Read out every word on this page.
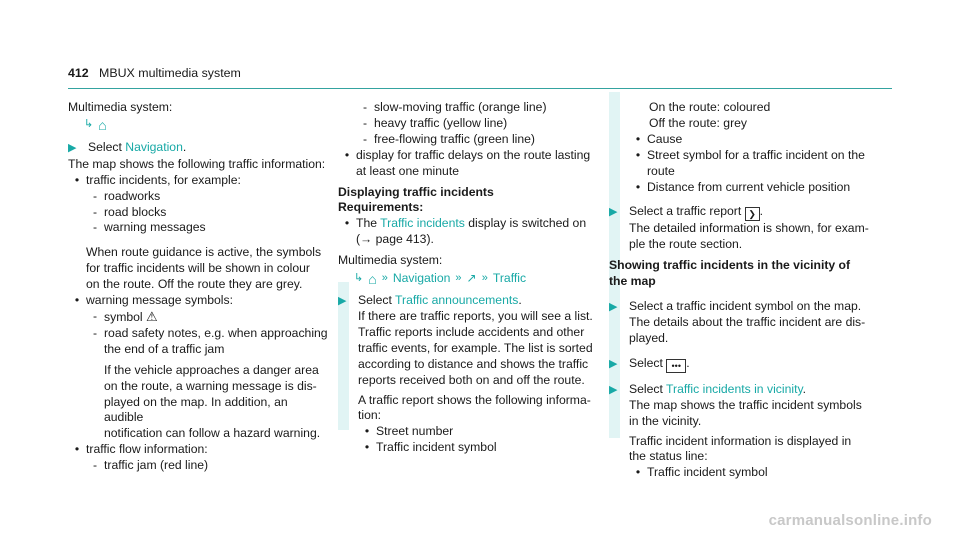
412 MBUX multimedia system

Multimedia system:

↳ ⌂
▶ Select Navigation.

The map shows the following traffic information:

• traffic incidents, for example:
- roadworks
- road blocks
- warning messages

When route guidance is active, the symbols

for traffic incidents will be shown in colour

on the route. Off the route they are grey.

• warning message symbols:
- symbol ⚠
- road safety notes, e.g. when approaching
the end of a traffic jam

If the vehicle approaches a danger area

on the route, a warning message is dis-

played on the map. In addition, an audible

notification can follow a hazard warning.

• traffic flow information:
- traffic jam (red line)
- slow-moving traffic (orange line)
- heavy traffic (yellow line)
- free-flowing traffic (green line)
• display for traffic delays on the route lasting
at least one minute

Displaying traffic incidents

Requirements:

• The Traffic incidents display is switched on
(→ page 413).

Multimedia system:

↳ ⌂ » Navigation » ↗ » Traffic
▶ Select Traffic announcements.
If there are traffic reports, you will see a list.
Traffic reports include accidents and other
traffic events, for example. The list is sorted
according to distance and shows the traffic
reports received both on and off the route.
A traffic report shows the following informa-
tion:
• Street number
• Traffic incident symbol

On the route: coloured

Off the route: grey

• Cause
• Street symbol for a traffic incident on the
route
• Distance from current vehicle position
▶ Select a traffic report ❯ .
The detailed information is shown, for exam-
ple the route section.

Showing traffic incidents in the vicinity of

the map

▶ Select a traffic incident symbol on the map.
The details about the traffic incident are dis-
played.
▶ Select ••• .
▶ Select Traffic incidents in vicinity.
The map shows the traffic incident symbols
in the vicinity.
Traffic incident information is displayed in
the status line:
• Traffic incident symbol
carmanualsonline.info
